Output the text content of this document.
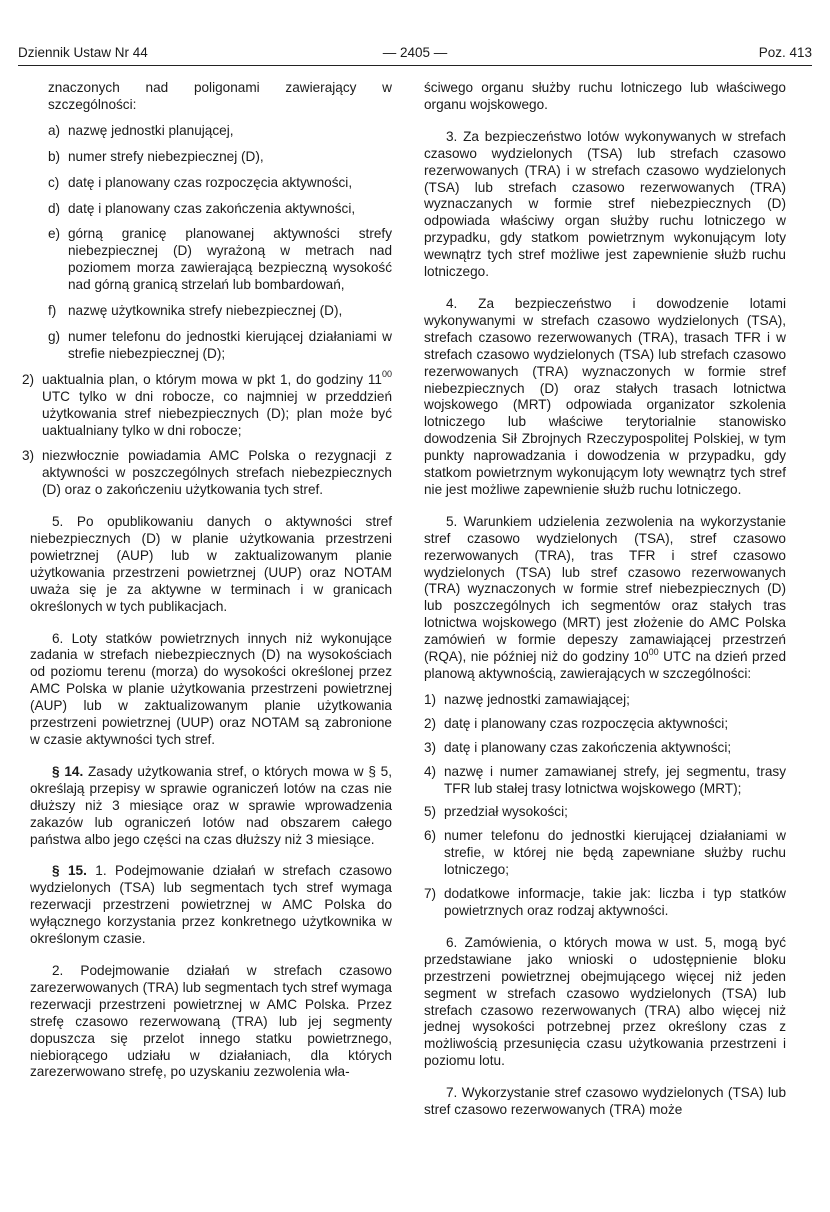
Dziennik Ustaw Nr 44	— 2405 —	Poz. 413

znaczonych nad poligonami zawierający w szczególności:

a) nazwę jednostki planującej,
b) numer strefy niebezpiecznej (D),
c) datę i planowany czas rozpoczęcia aktywności,
d) datę i planowany czas zakończenia aktywności,
e) górną granicę planowanej aktywności strefy niebezpiecznej (D) wyrażoną w metrach nad poziomem morza zawierającą bezpieczną wysokość nad górną granicą strzelań lub bombardowań,
f) nazwę użytkownika strefy niebezpiecznej (D),
g) numer telefonu do jednostki kierującej działaniami w strefie niebezpiecznej (D);
2) uaktualnia plan, o którym mowa w pkt 1, do godziny $11^{00}$ UTC tylko w dni robocze, co najmniej w przeddzień użytkowania stref niebezpiecznych (D); plan może być uaktualniany tylko w dni robocze;
3) niezwłocznie powiadamia AMC Polska o rezygnacji z aktywności w poszczególnych strefach niebezpiecznych (D) oraz o zakończeniu użytkowania tych stref.

5. Po opublikowaniu danych o aktywności stref niebezpiecznych (D) w planie użytkowania przestrzeni powietrznej (AUP) lub w zaktualizowanym planie użytkowania przestrzeni powietrznej (UUP) oraz NOTAM uważa się je za aktywne w terminach i w granicach określonych w tych publikacjach.

6. Loty statków powietrznych innych niż wykonujące zadania w strefach niebezpiecznych (D) na wysokościach od poziomu terenu (morza) do wysokości określonej przez AMC Polska w planie użytkowania przestrzeni powietrznej (AUP) lub w zaktualizowanym planie użytkowania przestrzeni powietrznej (UUP) oraz NOTAM są zabronione w czasie aktywności tych stref.

§ 14. Zasady użytkowania stref, o których mowa w § 5, określają przepisy w sprawie ograniczeń lotów na czas nie dłuższy niż 3 miesiące oraz w sprawie wprowadzenia zakazów lub ograniczeń lotów nad obszarem całego państwa albo jego części na czas dłuższy niż 3 miesiące.

§ 15. 1. Podejmowanie działań w strefach czasowo wydzielonych (TSA) lub segmentach tych stref wymaga rezerwacji przestrzeni powietrznej w AMC Polska do wyłącznego korzystania przez konkretnego użytkownika w określonym czasie.

2. Podejmowanie działań w strefach czasowo zarezerwowanych (TRA) lub segmentach tych stref wymaga rezerwacji przestrzeni powietrznej w AMC Polska. Przez strefę czasowo rezerwowaną (TRA) lub jej segmenty dopuszcza się przelot innego statku powietrznego, niebiorącego udziału w działaniach, dla których zarezerwowano strefę, po uzyskaniu zezwolenia wła-

ściwego organu służby ruchu lotniczego lub właściwego organu wojskowego.

3. Za bezpieczeństwo lotów wykonywanych w strefach czasowo wydzielonych (TSA) lub strefach czasowo rezerwowanych (TRA) i w strefach czasowo wydzielonych (TSA) lub strefach czasowo rezerwowanych (TRA) wyznaczanych w formie stref niebezpiecznych (D) odpowiada właściwy organ służby ruchu lotniczego w przypadku, gdy statkom powietrznym wykonującym loty wewnątrz tych stref możliwe jest zapewnienie służb ruchu lotniczego.

4. Za bezpieczeństwo i dowodzenie lotami wykonywanymi w strefach czasowo wydzielonych (TSA), strefach czasowo rezerwowanych (TRA), trasach TFR i w strefach czasowo wydzielonych (TSA) lub strefach czasowo rezerwowanych (TRA) wyznaczonych w formie stref niebezpiecznych (D) oraz stałych trasach lotnictwa wojskowego (MRT) odpowiada organizator szkolenia lotniczego lub właściwe terytorialnie stanowisko dowodzenia Sił Zbrojnych Rzeczypospolitej Polskiej, w tym punkty naprowadzania i dowodzenia w przypadku, gdy statkom powietrznym wykonującym loty wewnątrz tych stref nie jest możliwe zapewnienie służb ruchu lotniczego.

5. Warunkiem udzielenia zezwolenia na wykorzystanie stref czasowo wydzielonych (TSA), stref czasowo rezerwowanych (TRA), tras TFR i stref czasowo wydzielonych (TSA) lub stref czasowo rezerwowanych (TRA) wyznaczonych w formie stref niebezpiecznych (D) lub poszczególnych ich segmentów oraz stałych tras lotnictwa wojskowego (MRT) jest złożenie do AMC Polska zamówień w formie depeszy zamawiającej przestrzeń (RQA), nie później niż do godziny $10^{00}$ UTC na dzień przed planową aktywnością, zawierających w szczególności:

1) nazwę jednostki zamawiającej;
2) datę i planowany czas rozpoczęcia aktywności;
3) datę i planowany czas zakończenia aktywności;
4) nazwę i numer zamawianej strefy, jej segmentu, trasy TFR lub stałej trasy lotnictwa wojskowego (MRT);
5) przedział wysokości;
6) numer telefonu do jednostki kierującej działaniami w strefie, w której nie będą zapewniane służby ruchu lotniczego;
7) dodatkowe informacje, takie jak: liczba i typ statków powietrznych oraz rodzaj aktywności.

6. Zamówienia, o których mowa w ust. 5, mogą być przedstawiane jako wnioski o udostępnienie bloku przestrzeni powietrznej obejmującego więcej niż jeden segment w strefach czasowo wydzielonych (TSA) lub strefach czasowo rezerwowanych (TRA) albo więcej niż jednej wysokości potrzebnej przez określony czas z możliwością przesunięcia czasu użytkowania przestrzeni i poziomu lotu.

7. Wykorzystanie stref czasowo wydzielonych (TSA) lub stref czasowo rezerwowanych (TRA) może
